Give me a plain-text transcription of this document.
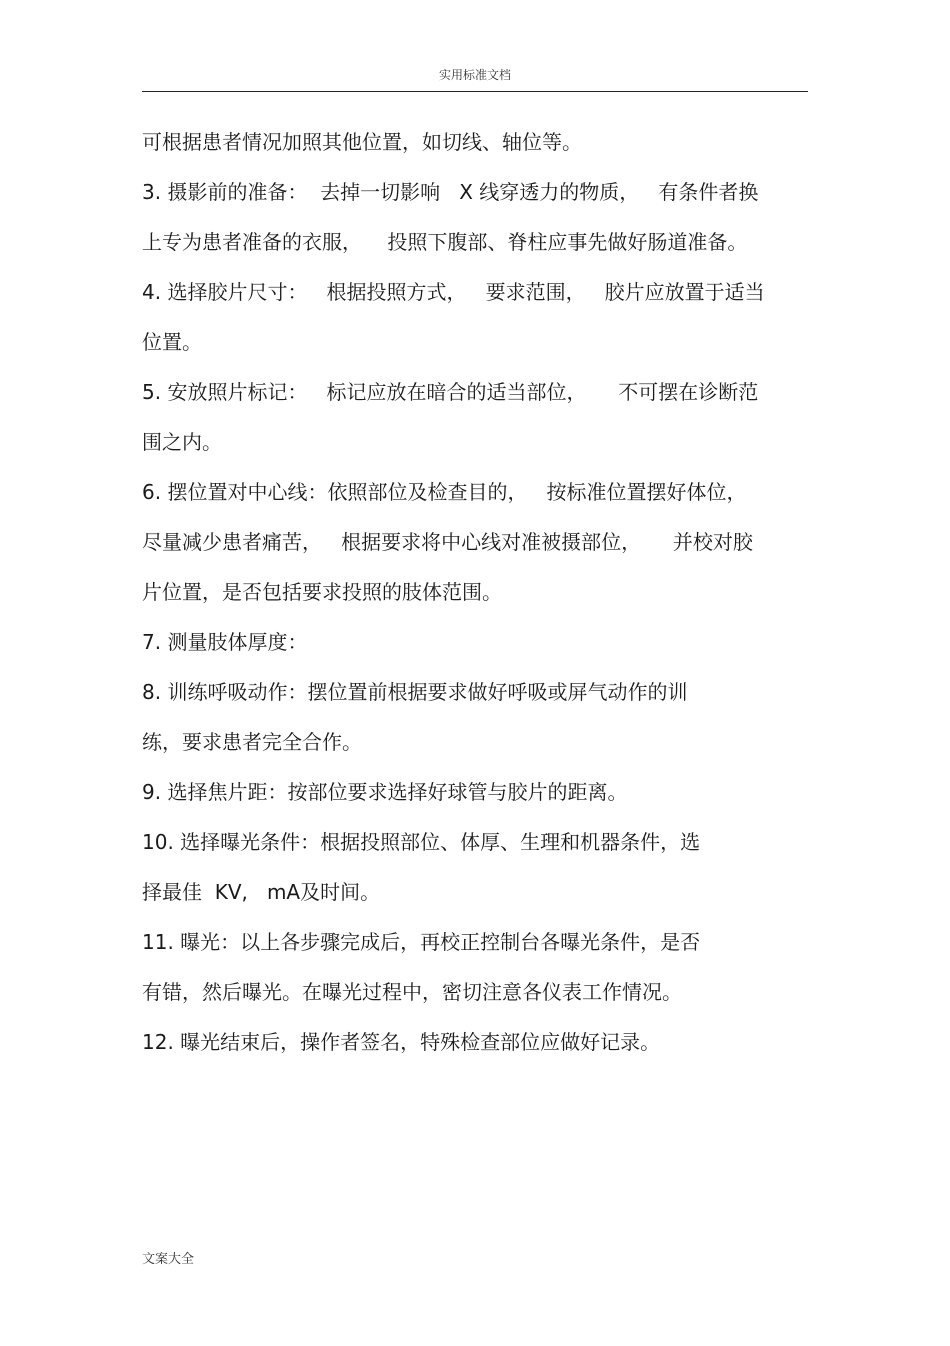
实用标准文档
可根据患者情况加照其他位置，如切线、轴位等。
3. 摄影前的准备：  去掉一切影响   X 线穿透力的物质，   有条件者换
上专为患者准备的衣服，    投照下腹部、脊柱应事先做好肠道准备。
4. 选择胶片尺寸：   根据投照方式，   要求范围，   胶片应放置于适当
位置。
5. 安放照片标记：   标记应放在暗合的适当部位，     不可摆在诊断范
围之内。
6. 摆位置对中心线：依照部位及检查目的，   按标准位置摆好体位，
尽量减少患者痛苦，   根据要求将中心线对准被摄部位，     并校对胶
片位置，是否包括要求投照的肢体范围。
7. 测量肢体厚度：
8. 训练呼吸动作：摆位置前根据要求做好呼吸或屏气动作的训
练，要求患者完全合作。
9. 选择焦片距：按部位要求选择好球管与胶片的距离。
10. 选择曝光条件：根据投照部位、体厚、生理和机器条件，选
择最佳  KV,   mA及时间。
11. 曝光：以上各步骤完成后，再校正控制台各曝光条件，是否
有错，然后曝光。在曝光过程中，密切注意各仪表工作情况。
12. 曝光结束后，操作者签名，特殊检查部位应做好记录。
文案大全
